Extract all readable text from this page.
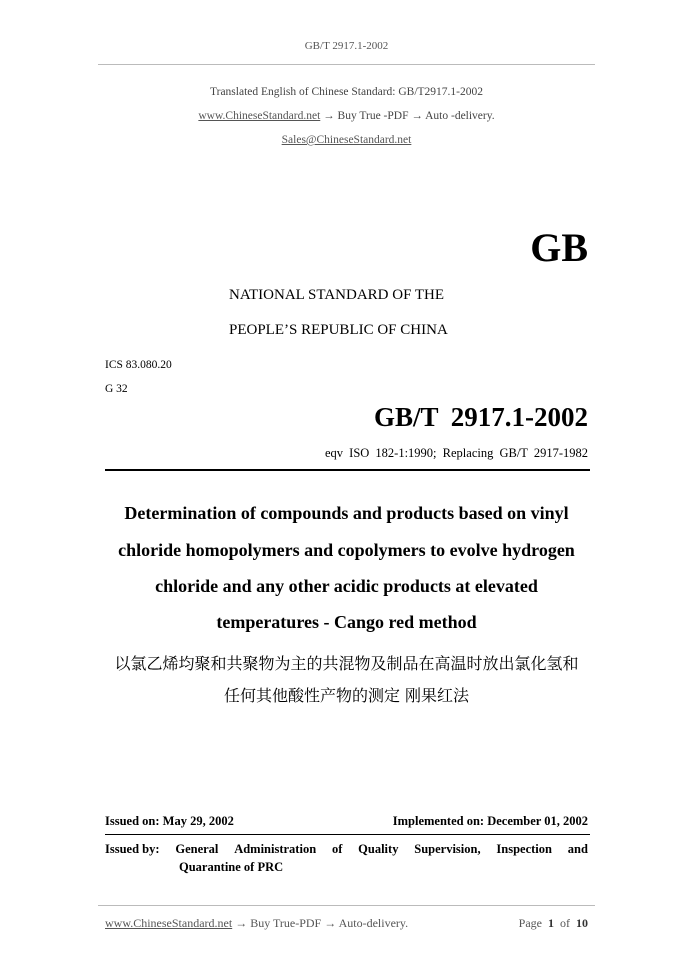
GB/T 2917.1-2002
Translated English of Chinese Standard: GB/T2917.1-2002
www.ChineseStandard.net → Buy True -PDF → Auto -delivery.
Sales@ChineseStandard.net
GB
NATIONAL STANDARD OF THE
PEOPLE’S REPUBLIC OF CHINA
ICS 83.080.20
G 32
GB/T 2917.1-2002
eqv ISO 182-1:1990; Replacing GB/T 2917-1982
Determination of compounds and products based on vinyl
chloride homopolymers and copolymers to evolve hydrogen
chloride and any other acidic products at elevated
temperatures - Cango red method
以氯乙烯均聚和共聚物为主的共混物及制品在高温时放出氯化氢和
任何其他酸性产物的测定 刚果红法
Issued on: May 29, 2002	Implemented on: December 01, 2002
Issued by: General Administration of Quality Supervision, Inspection and
Quarantine of PRC
www.ChineseStandard.net → Buy True-PDF → Auto-delivery.	Page 1 of 10
